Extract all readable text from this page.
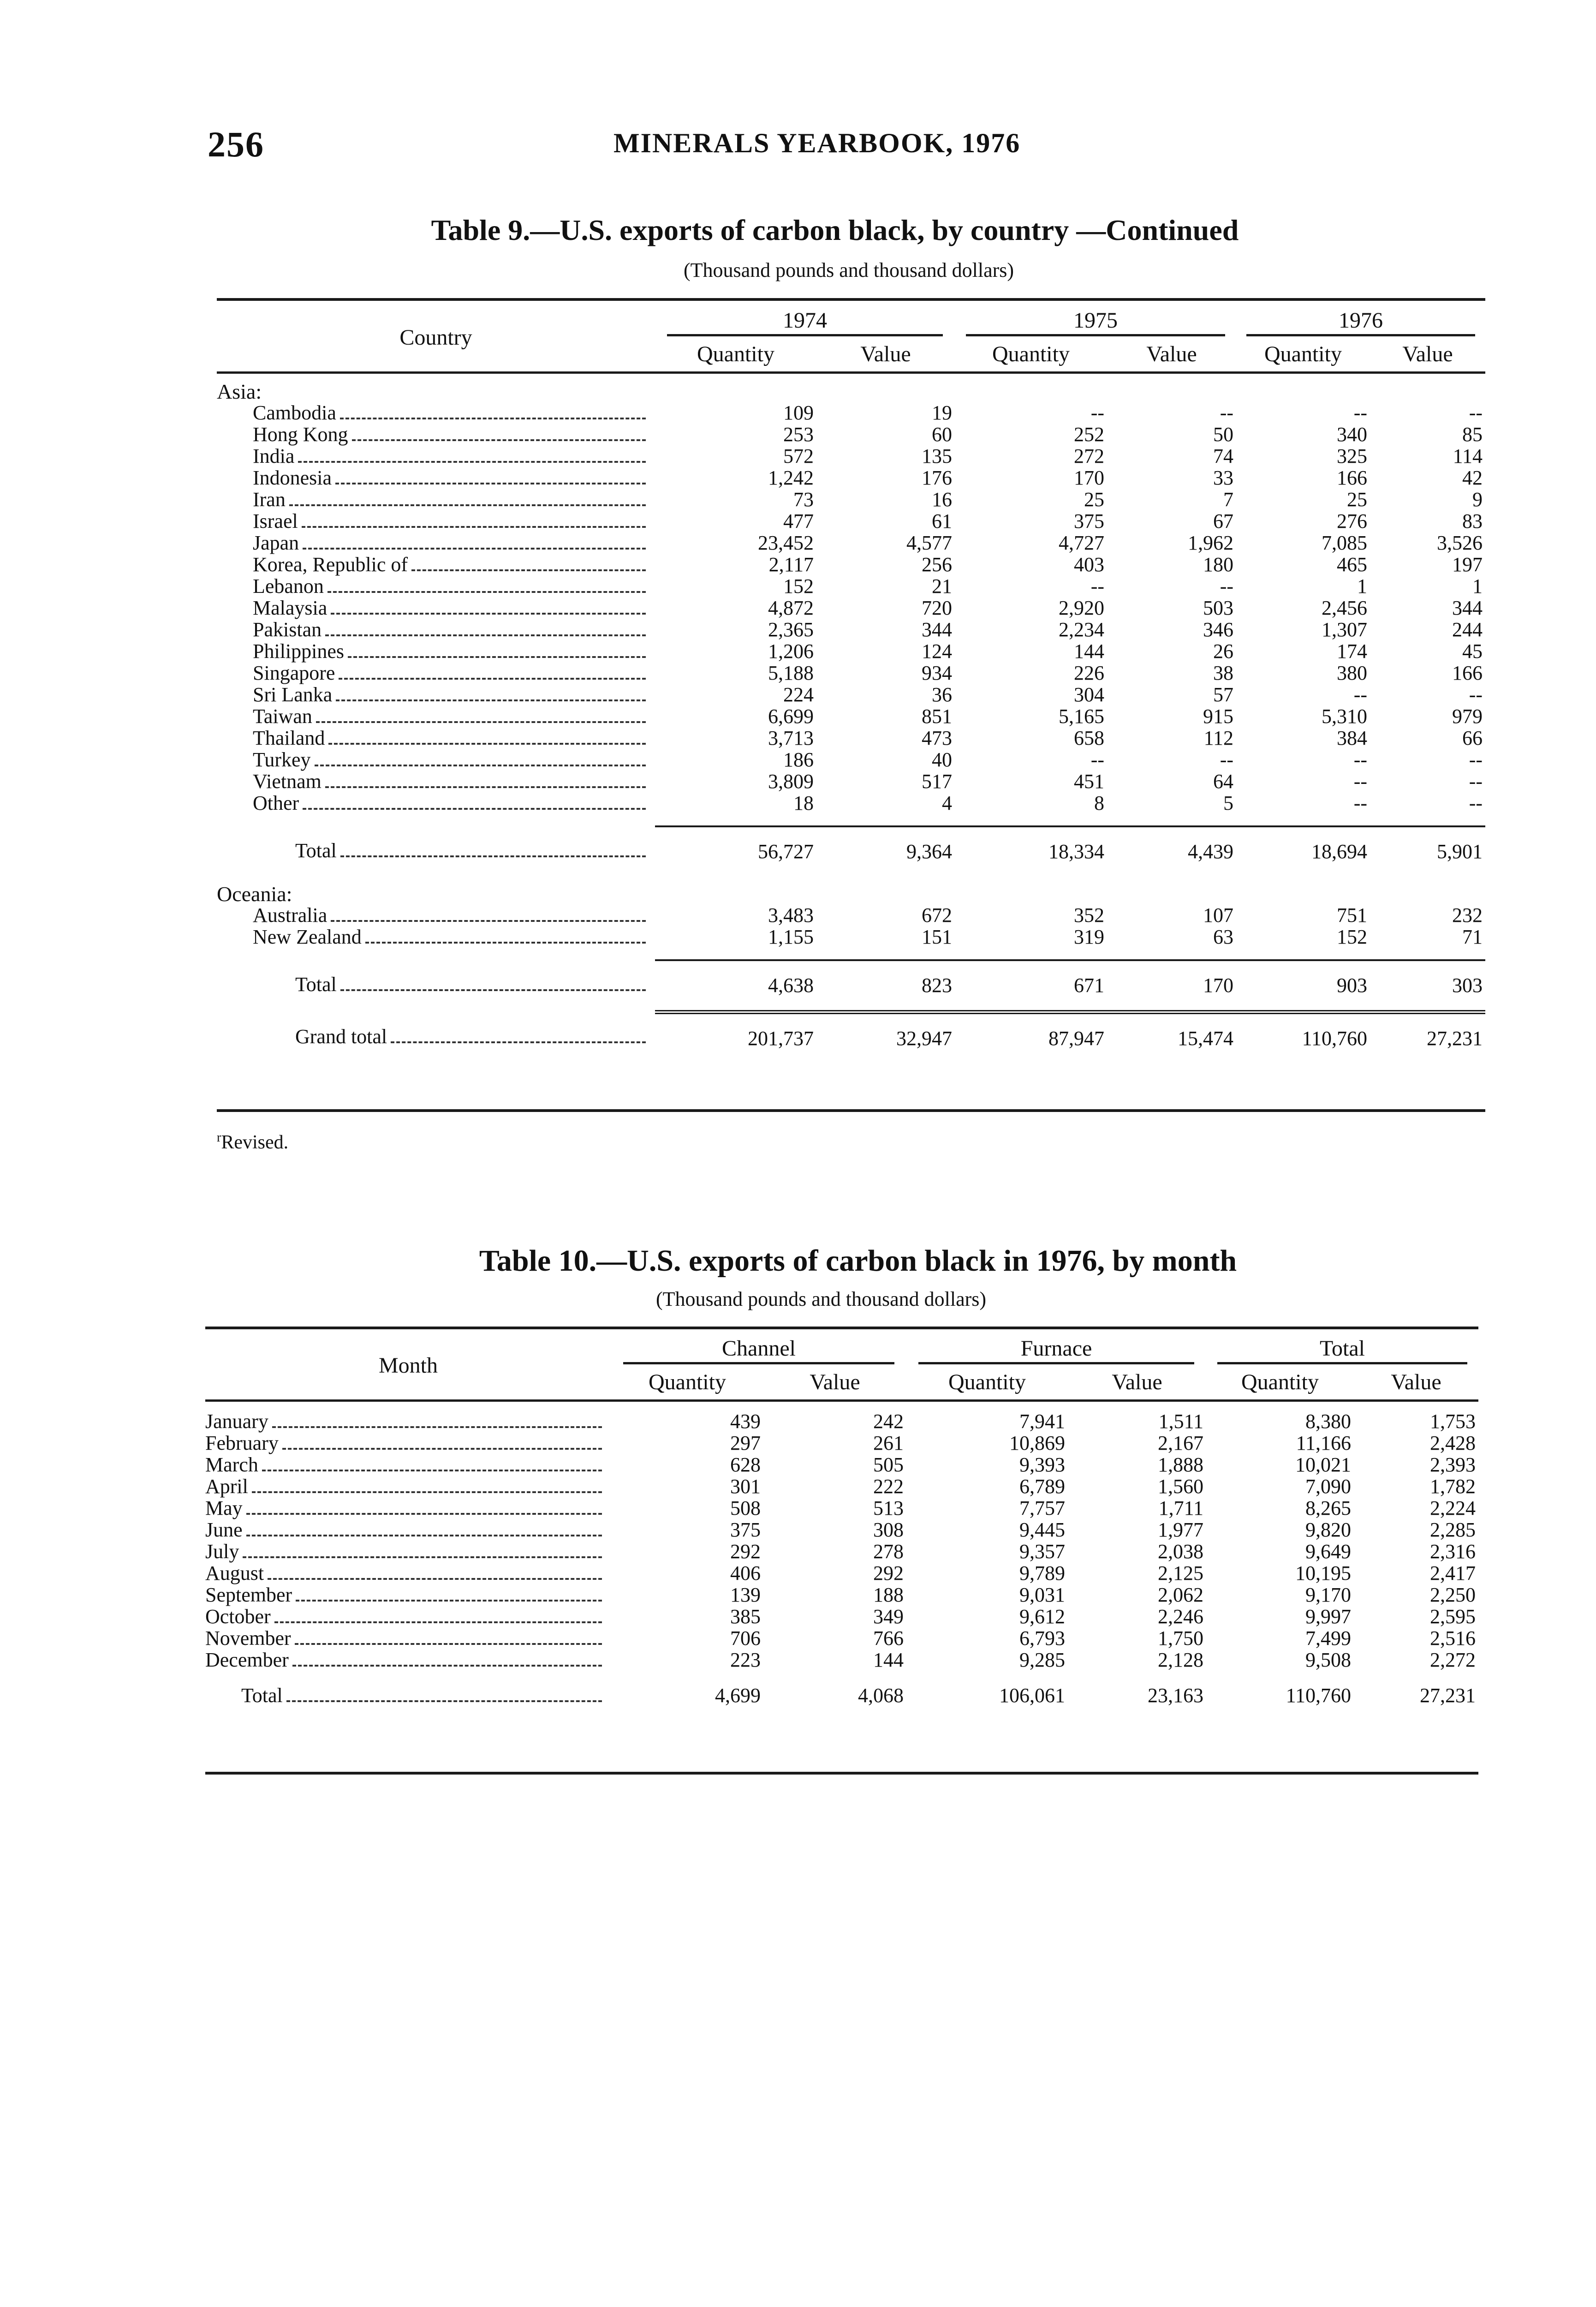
256	MINERALS YEARBOOK, 1976
Table 9.—U.S. exports of carbon black, by country —Continued
(Thousand pounds and thousand dollars)
Country	1974		1975		1976	
	Quantity	Value	Quantity	Value	Quantity	Value

Asia:						

Cambodia	109	19	--	--	--	--

Hong Kong	253	60	252	50	340	85

India	572	135	272	74	325	114

Indonesia	1,242	176	170	33	166	42

Iran	73	16	25	7	25	9

Israel	477	61	375	67	276	83

Japan	23,452	4,577	4,727	1,962	7,085	3,526

Korea, Republic of	2,117	256	403	180	465	197

Lebanon	152	21	--	--	1	1

Malaysia	4,872	720	2,920	503	2,456	344

Pakistan	2,365	344	2,234	346	1,307	244

Philippines	1,206	124	144	26	174	45

Singapore	5,188	934	226	38	380	166

Sri Lanka	224	36	304	57	--	--

Taiwan	6,699	851	5,165	915	5,310	979

Thailand	3,713	473	658	112	384	66

Turkey	186	40	--	--	--	--

Vietnam	3,809	517	451	64	--	--

Other	18	4	8	5	--	--

Total	56,727	9,364	18,334	4,439	18,694	5,901

Oceania:						

Australia	3,483	672	352	107	751	232

New Zealand	1,155	151	319	63	152	71

Total	4,638	823	671	170	903	303

Grand total	201,737	32,947	87,947	15,474	110,760	27,231
$^r$Revised.
Table 10.—U.S. exports of carbon black in 1976, by month
(Thousand pounds and thousand dollars)
Month	Channel		Furnace		Total	
	Quantity	Value	Quantity	Value	Quantity	Value

January	439	242	7,941	1,511	8,380	1,753

February	297	261	10,869	2,167	11,166	2,428

March	628	505	9,393	1,888	10,021	2,393

April	301	222	6,789	1,560	7,090	1,782

May	508	513	7,757	1,711	8,265	2,224

June	375	308	9,445	1,977	9,820	2,285

July	292	278	9,357	2,038	9,649	2,316

August	406	292	9,789	2,125	10,195	2,417

September	139	188	9,031	2,062	9,170	2,250

October	385	349	9,612	2,246	9,997	2,595

November	706	766	6,793	1,750	7,499	2,516

December	223	144	9,285	2,128	9,508	2,272

Total	4,699	4,068	106,061	23,163	110,760	27,231
